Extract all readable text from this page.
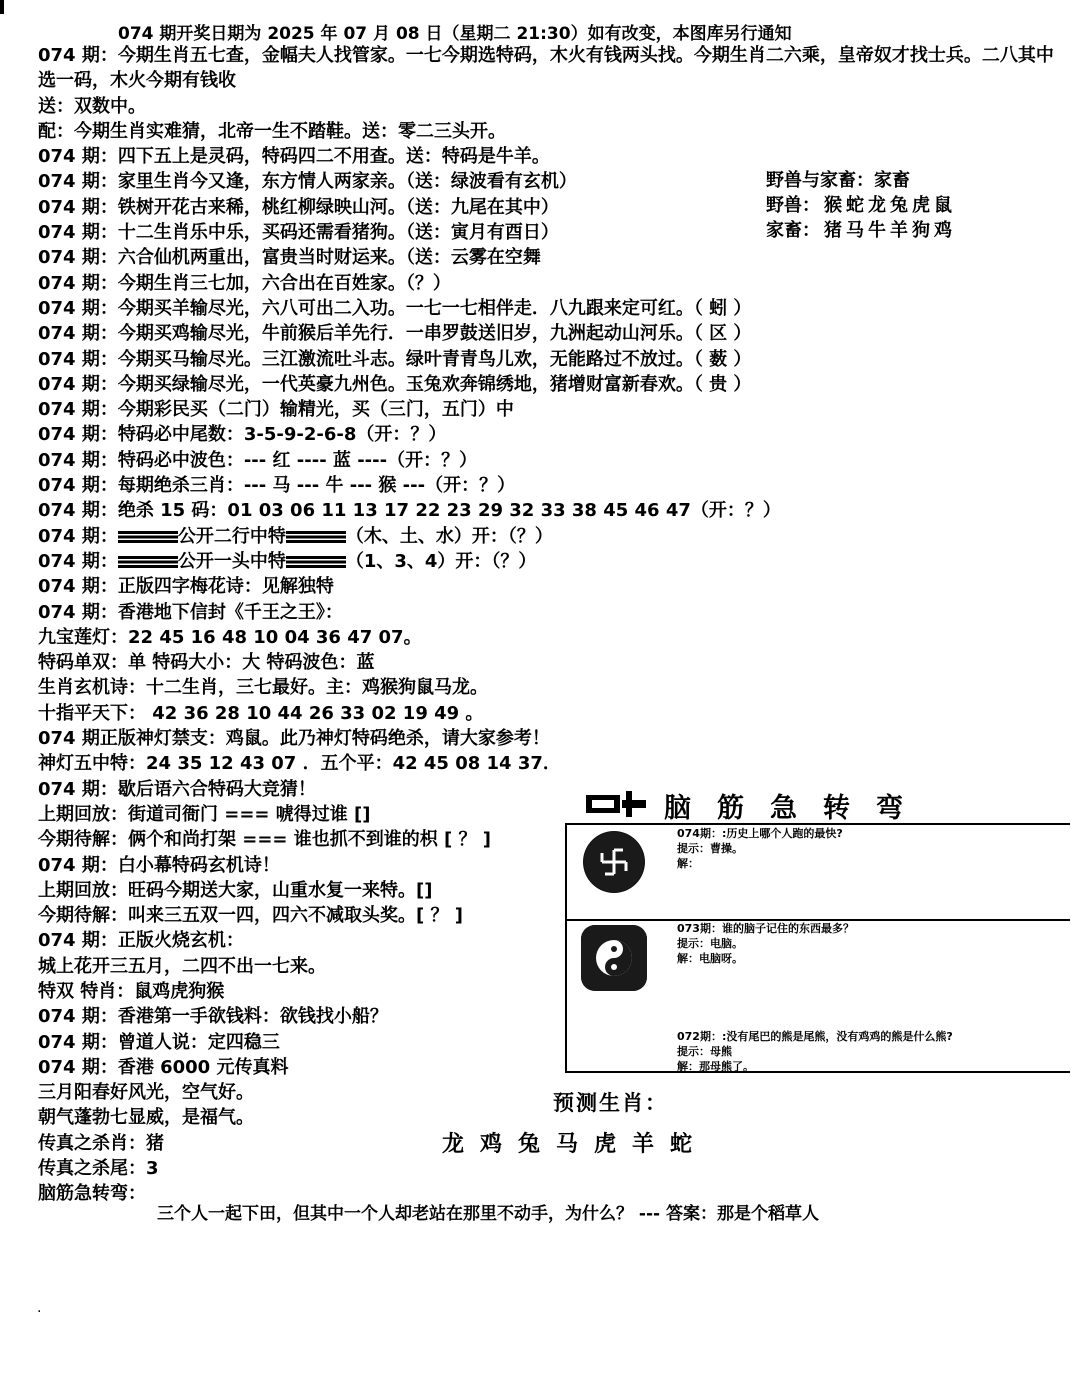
074 期开奖日期为 2025 年 07 月 08 日（星期二 21:30）如有改变，本图库另行通知
074 期：今期生肖五七查，金幅夫人找管家。一七今期选特码，木火有钱两头找。今期生肖二六乘，皇帝奴才找士兵。二八其中选一码，木火今期有钱收
送：双数中。
配：今期生肖实难猜，北帝一生不踏鞋。送：零二三头开。
074 期：四下五上是灵码，特码四二不用查。送：特码是牛羊。
074 期：家里生肖今又逢，东方情人两家亲。（送：绿波看有玄机）
074 期：铁树开花古来稀，桃红柳绿映山河。（送：九尾在其中）
074 期：十二生肖乐中乐，买码还需看猪狗。（送：寅月有酉日）
074 期：六合仙机两重出，富贵当时财运来。（送：云雾在空舞
074 期：今期生肖三七加，六合出在百姓家。（？）
074 期：今期买羊输尽光，六八可出二入功。一七一七相伴走．八九跟来定可红。（ 蚓 ）
074 期：今期买鸡输尽光，牛前猴后羊先行．一串罗鼓送旧岁，九洲起动山河乐。（ 区 ）
074 期：今期买马输尽光。三江激流吐斗志。绿叶青青鸟儿欢，无能路过不放过。（ 薮 ）
074 期：今期买绿输尽光，一代英豪九州色。玉兔欢奔锦绣地，猪增财富新春欢。（ 贵 ）
074 期：今期彩民买（二门）输精光，买（三门，五门）中
074 期：特码必中尾数：3-5-9-2-6-8（开：？）
074 期：特码必中波色：--- 红 ---- 蓝 ----（开：？）
074 期：每期绝杀三肖：--- 马 --- 牛 --- 猴 ---（开：？）
074 期：绝杀 15 码：01 03 06 11 13 17 22 23 29 32 33 38 45 46 47（开：？）
074 期：	公开二行中特	（木、土、水）开：（？）
074 期：	公开一头中特	（1、3、4）开：（？）
074 期：正版四字梅花诗：见解独特
074 期：香港地下信封《千王之王》：
九宝莲灯：22 45 16 48 10 04 36 47 07。
特码单双：单 特码大小：大 特码波色：蓝
生肖玄机诗：十二生肖，三七最好。主：鸡猴狗鼠马龙。
十指平天下： 42 36 28 10 44 26 33 02 19 49 。
074 期正版神灯禁支：鸡鼠。此乃神灯特码绝杀，请大家参考！
神灯五中特：24 35 12 43 07 ．五个平：42 45 08 14 37．
074 期：歇后语六合特码大竞猜！
上期回放：街道司衙门 === 唬得过谁 []
今期待解：俩个和尚打架 === 谁也抓不到谁的枳 [ ？ ]
074 期：白小幕特码玄机诗！
上期回放：旺码今期送大家，山重水复一来特。[]
今期待解：叫来三五双一四，四六不减取头奖。[ ？ ]
074 期：正版火烧玄机：
城上花开三五月，二四不出一七来。
特双 特肖：鼠鸡虎狗猴
074 期：香港第一手欲钱料：欲钱找小船？
074 期：曾道人说：定四稳三
074 期：香港 6000 元传真料
三月阳春好风光，空气好。
朝气蓬勃七显威，是福气。
传真之杀肖：猪
传真之杀尾：3
脑筋急转弯：
野兽与家畜：家畜
野兽： 猴 蛇 龙 兔 虎 鼠
家畜： 猪 马 牛 羊 狗 鸡
脑筋急转弯
074期：:历史上哪个人跑的最快?
提示：曹操。
解：
073期：谁的脑子记住的东西最多？
提示：电脑。
解：电脑呀。
072期：:没有尾巴的熊是尾熊，没有鸡鸡的熊是什么熊?
提示：母熊
解：那母熊了。
预测生肖：
龙鸡兔马虎羊蛇
三个人一起下田，但其中一个人却老站在那里不动手，为什么？ --- 答案：那是个稻草人
.
